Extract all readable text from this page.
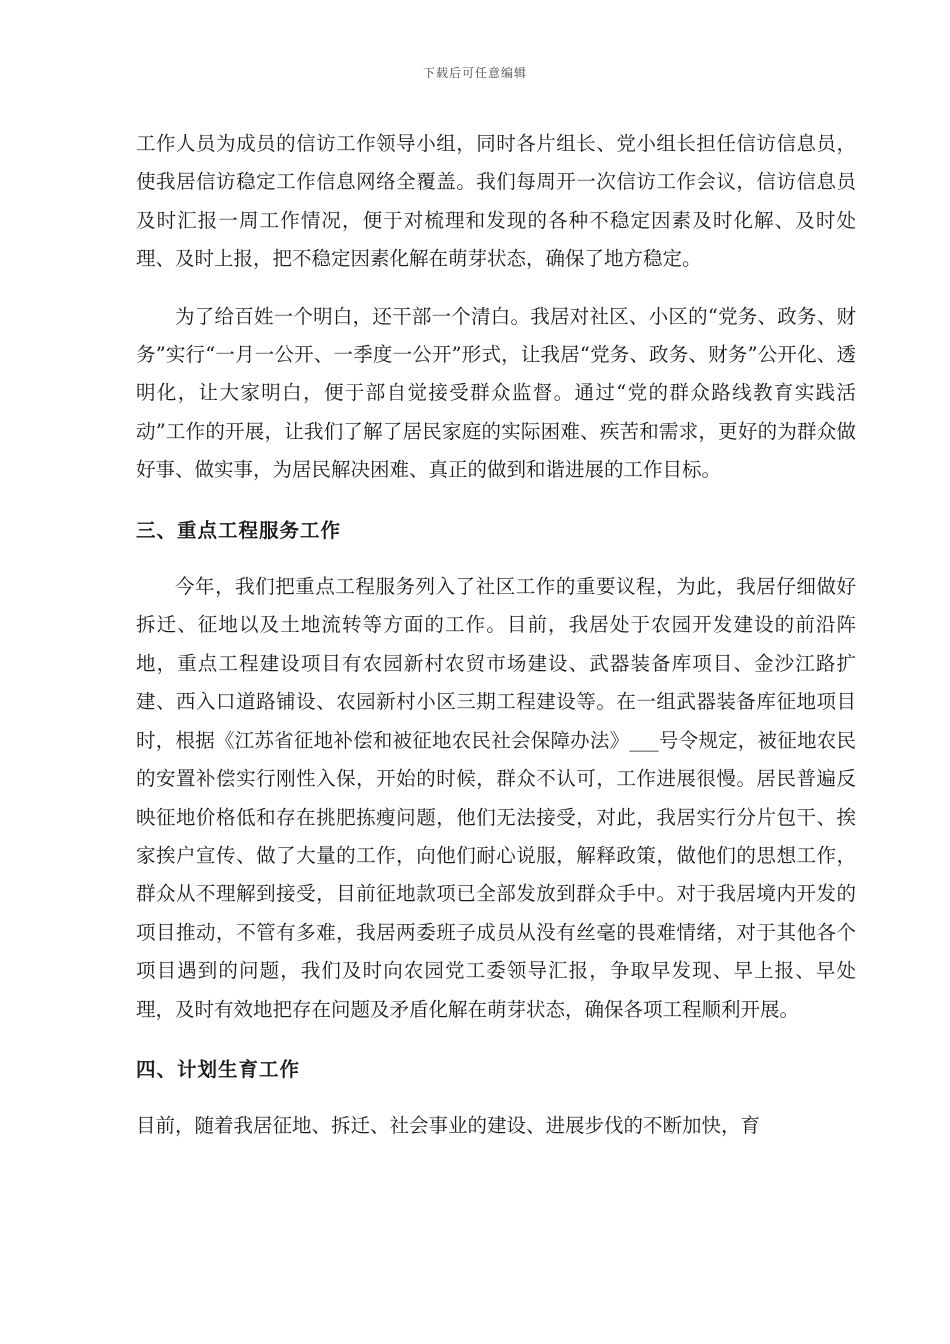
下载后可任意编辑

工作人员为成员的信访工作领导小组，同时各片组长、党小组长担任信访信息员，使我居信访稳定工作信息网络全覆盖。我们每周开一次信访工作会议，信访信息员及时汇报一周工作情况，便于对梳理和发现的各种不稳定因素及时化解、及时处理、及时上报，把不稳定因素化解在萌芽状态，确保了地方稳定。

为了给百姓一个明白，还干部一个清白。我居对社区、小区的“党务、政务、财务”实行“一月一公开、一季度一公开”形式，让我居“党务、政务、财务”公开化、透明化，让大家明白，便于部自觉接受群众监督。通过“党的群众路线教育实践活动”工作的开展，让我们了解了居民家庭的实际困难、疾苦和需求，更好的为群众做好事、做实事，为居民解决困难、真正的做到和谐进展的工作目标。

三、重点工程服务工作

今年，我们把重点工程服务列入了社区工作的重要议程，为此，我居仔细做好拆迁、征地以及土地流转等方面的工作。目前，我居处于农园开发建设的前沿阵地，重点工程建设项目有农园新村农贸市场建设、武器装备库项目、金沙江路扩建、西入口道路铺设、农园新村小区三期工程建设等。在一组武器装备库征地项目时，根据《江苏省征地补偿和被征地农民社会保障办法》___号令规定，被征地农民的安置补偿实行刚性入保，开始的时候，群众不认可，工作进展很慢。居民普遍反映征地价格低和存在挑肥拣瘦问题，他们无法接受，对此，我居实行分片包干、挨家挨户宣传、做了大量的工作，向他们耐心说服，解释政策，做他们的思想工作，群众从不理解到接受，目前征地款项已全部发放到群众手中。对于我居境内开发的项目推动，不管有多难，我居两委班子成员从没有丝毫的畏难情绪，对于其他各个项目遇到的问题，我们及时向农园党工委领导汇报，争取早发现、早上报、早处理，及时有效地把存在问题及矛盾化解在萌芽状态，确保各项工程顺利开展。

四、计划生育工作

目前，随着我居征地、拆迁、社会事业的建设、进展步伐的不断加快，育
